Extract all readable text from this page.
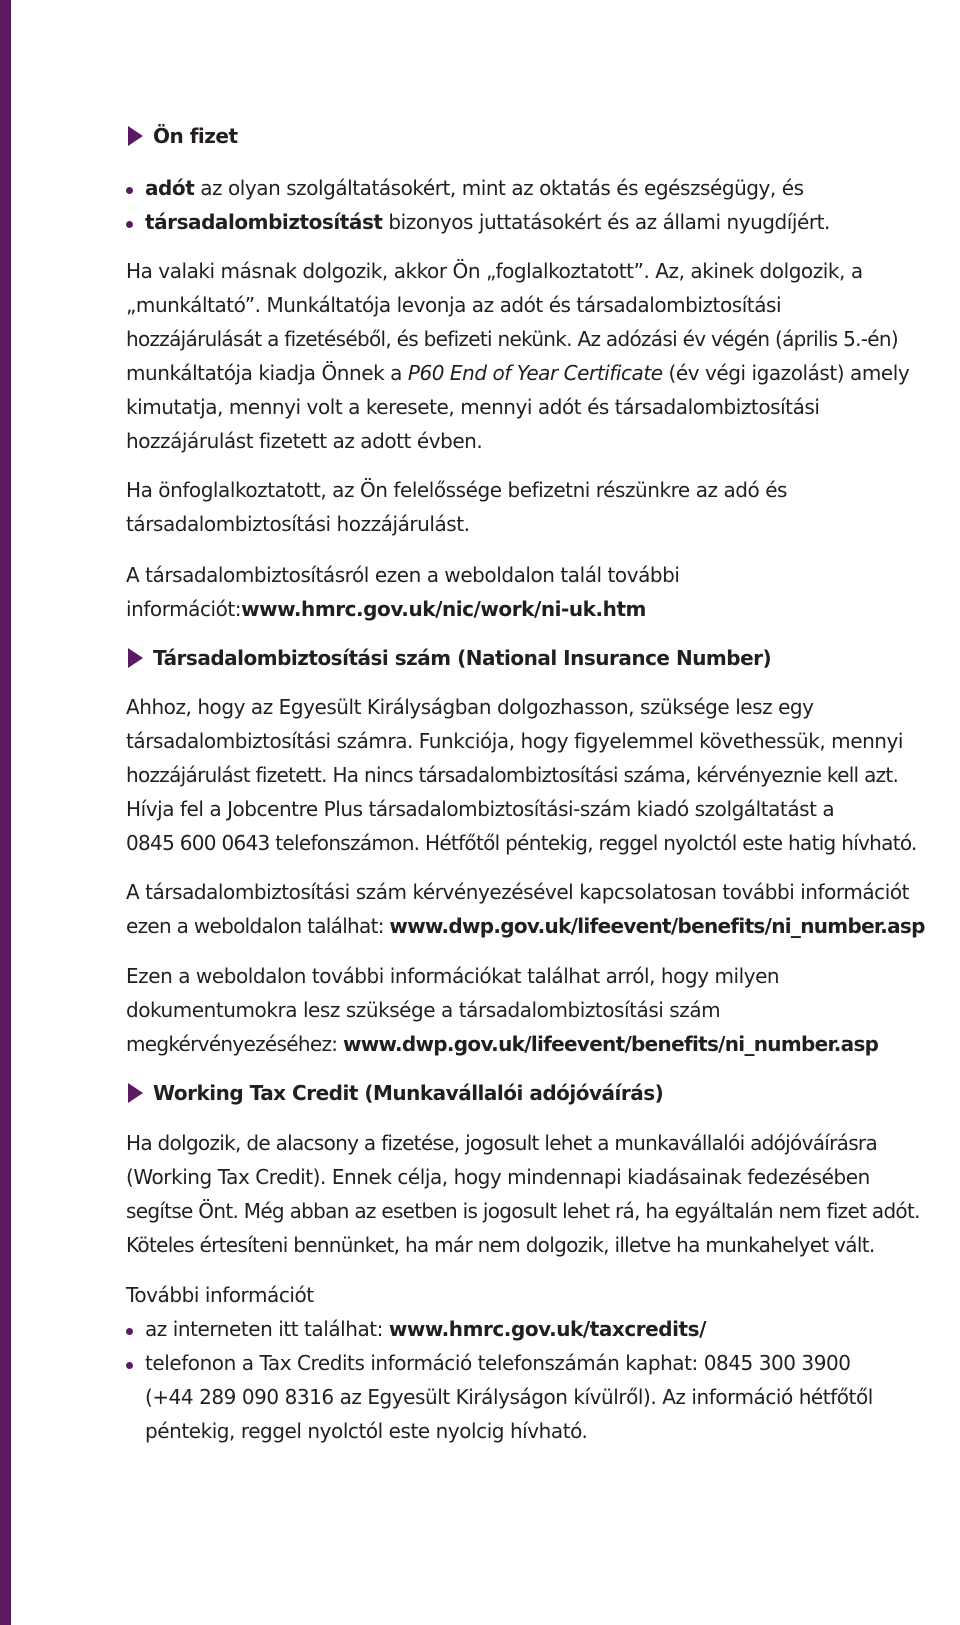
Ön fizet
adót az olyan szolgáltatásokért, mint az oktatás és egészségügy, és
társadalombiztosítást bizonyos juttatásokért és az állami nyugdíjért.
Ha valaki másnak dolgozik, akkor Ön „foglalkoztatott”. Az, akinek dolgozik, a
„munkáltató”. Munkáltatója levonja az adót és társadalombiztosítási
hozzájárulását a fizetéséből, és befizeti nekünk. Az adózási év végén (április 5.-én)
munkáltatója kiadja Önnek a P60 End of Year Certificate (év végi igazolást) amely
kimutatja, mennyi volt a keresete, mennyi adót és társadalombiztosítási
hozzájárulást fizetett az adott évben.
Ha önfoglalkoztatott, az Ön felelőssége befizetni részünkre az adó és
társadalombiztosítási hozzájárulást.
A társadalombiztosításról ezen a weboldalon talál további
információt:www.hmrc.gov.uk/nic/work/ni-uk.htm
Társadalombiztosítási szám (National Insurance Number)
Ahhoz, hogy az Egyesült Királyságban dolgozhasson, szüksége lesz egy
társadalombiztosítási számra. Funkciója, hogy figyelemmel követhessük, mennyi
hozzájárulást fizetett. Ha nincs társadalombiztosítási száma, kérvényeznie kell azt.
Hívja fel a Jobcentre Plus társadalombiztosítási-szám kiadó szolgáltatást a
0845 600 0643 telefonszámon. Hétfőtől péntekig, reggel nyolctól este hatig hívható.
A társadalombiztosítási szám kérvényezésével kapcsolatosan további információt
ezen a weboldalon találhat: www.dwp.gov.uk/lifeevent/benefits/ni_number.asp
Ezen a weboldalon további információkat találhat arról, hogy milyen
dokumentumokra lesz szüksége a társadalombiztosítási szám
megkérvényezéséhez: www.dwp.gov.uk/lifeevent/benefits/ni_number.asp
Working Tax Credit (Munkavállalói adójóváírás)
Ha dolgozik, de alacsony a fizetése, jogosult lehet a munkavállalói adójóváírásra
(Working Tax Credit). Ennek célja, hogy mindennapi kiadásainak fedezésében
segítse Önt. Még abban az esetben is jogosult lehet rá, ha egyáltalán nem fizet adót.
Köteles értesíteni bennünket, ha már nem dolgozik, illetve ha munkahelyet vált.
További információt
az interneten itt találhat: www.hmrc.gov.uk/taxcredits/
telefonon a Tax Credits információ telefonszámán kaphat: 0845 300 3900
(+44 289 090 8316 az Egyesült Királyságon kívülről). Az információ hétfőtől
péntekig, reggel nyolctól este nyolcig hívható.
